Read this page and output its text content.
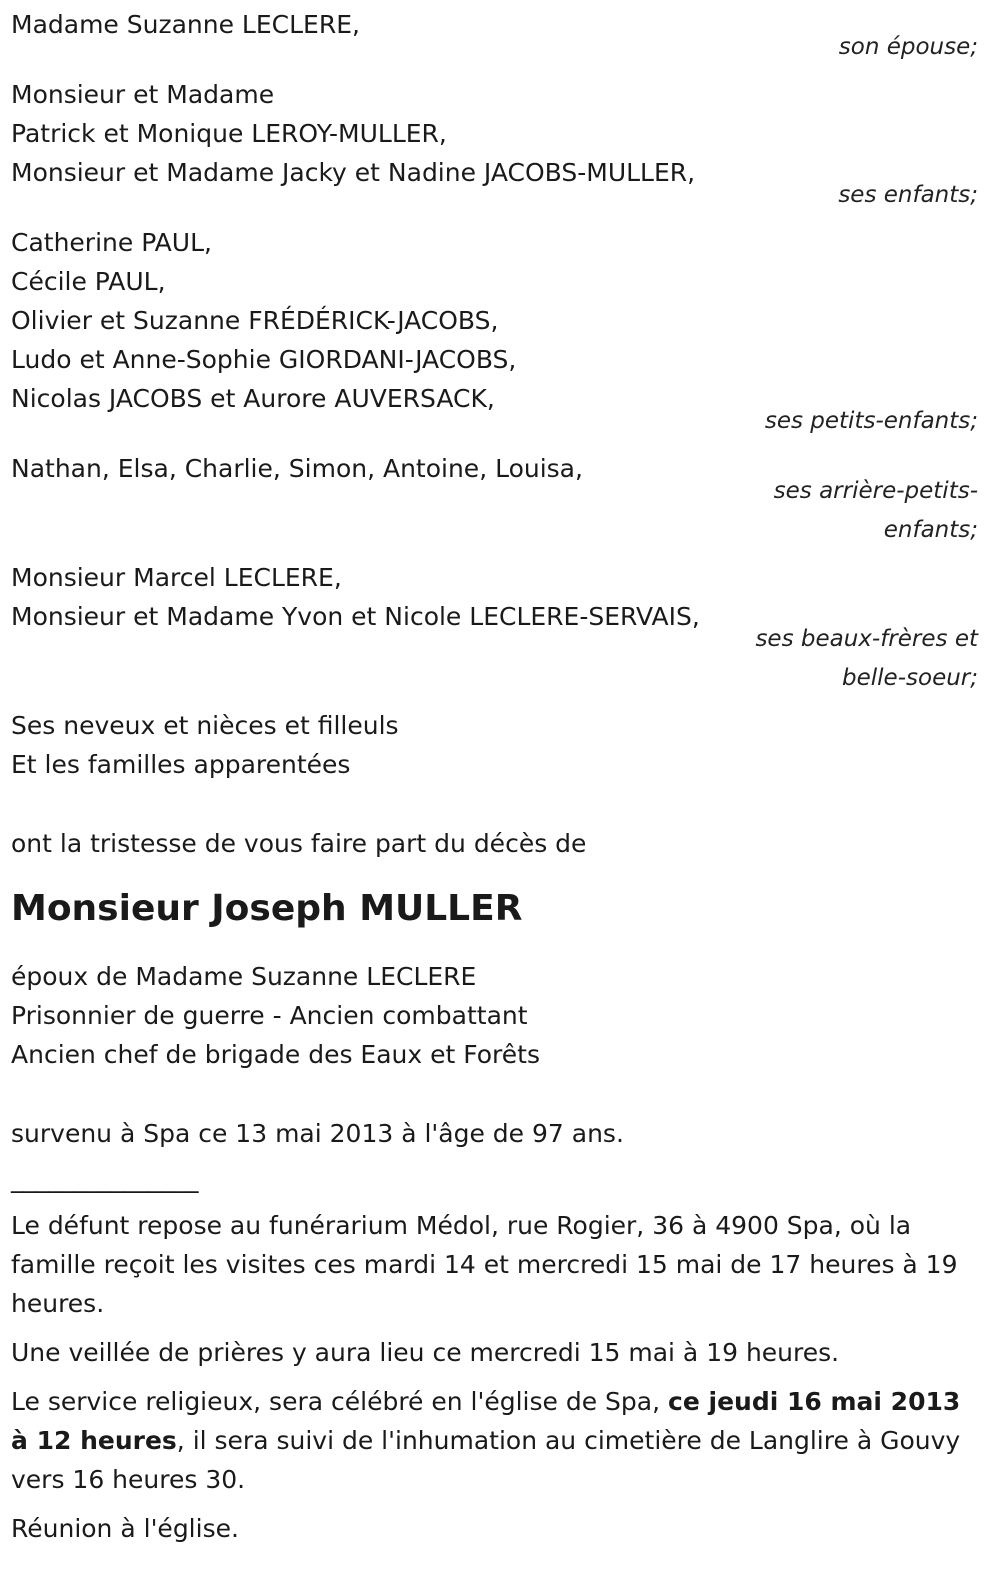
Madame Suzanne LECLERE,
son épouse;
Monsieur et Madame
Patrick et Monique LEROY-MULLER,
Monsieur et Madame Jacky et Nadine JACOBS-MULLER,
ses enfants;
Catherine PAUL,
Cécile PAUL,
Olivier et Suzanne FRÉDÉRICK-JACOBS,
Ludo et Anne-Sophie GIORDANI-JACOBS,
Nicolas JACOBS et Aurore AUVERSACK,
ses petits-enfants;
Nathan, Elsa, Charlie, Simon, Antoine, Louisa,
ses arrière-petits-enfants;
Monsieur Marcel LECLERE,
Monsieur et Madame Yvon et Nicole LECLERE-SERVAIS,
ses beaux-frères et belle-soeur;
Ses neveux et nièces et filleuls
Et les familles apparentées
ont la tristesse de vous faire part du décès de
Monsieur Joseph MULLER
époux de Madame Suzanne LECLERE
Prisonnier de guerre - Ancien combattant
Ancien chef de brigade des Eaux et Forêts
survenu à Spa ce 13 mai 2013 à l'âge de 97 ans.
_______________
Le défunt repose au funérarium Médol, rue Rogier, 36 à 4900 Spa, où la famille reçoit les visites ces mardi 14 et mercredi 15 mai de 17 heures à 19 heures.
Une veillée de prières y aura lieu ce mercredi 15 mai à 19 heures.
Le service religieux, sera célébré en l'église de Spa, ce jeudi 16 mai 2013 à 12 heures, il sera suivi de l'inhumation au cimetière de Langlire à Gouvy vers 16 heures 30.
Réunion à l'église.
